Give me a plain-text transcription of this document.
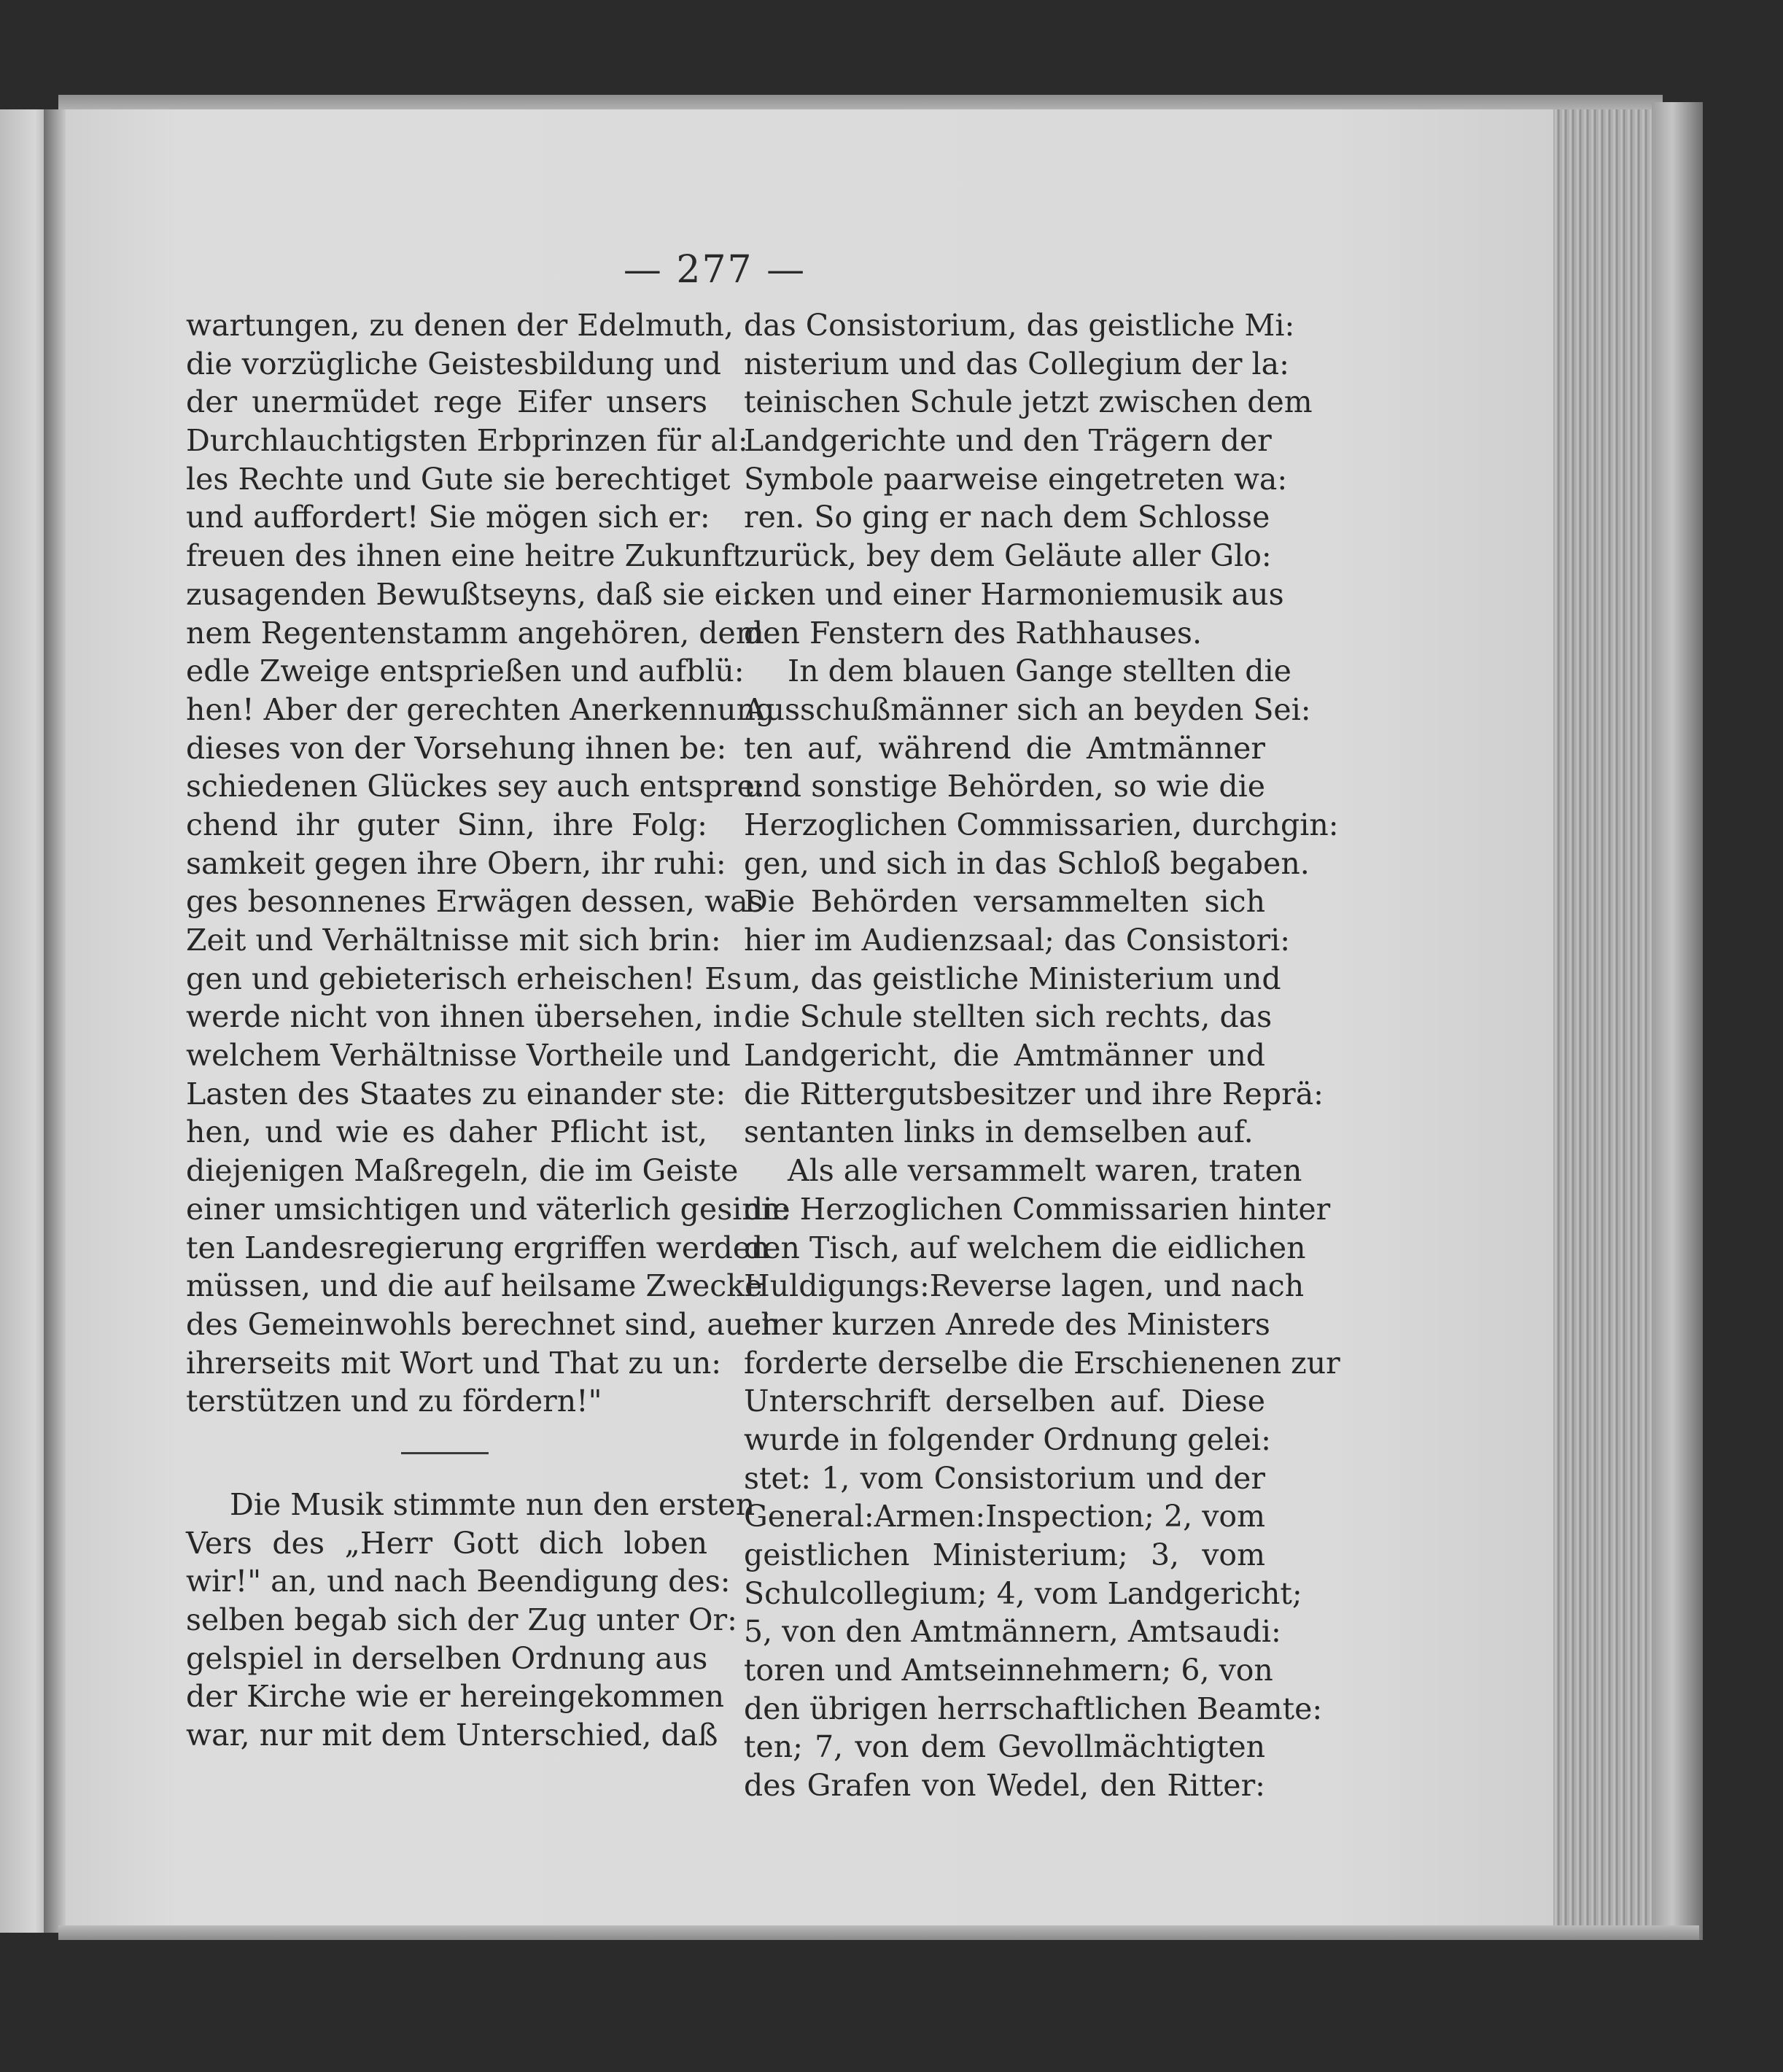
— 277 —
wartungen, zu denen der Edelmuth,
die vorzügliche Geistesbildung und
der unermüdet rege Eifer unsers
Durchlauchtigsten Erbprinzen für al:
les Rechte und Gute sie berechtiget
und auffordert! Sie mögen sich er:
freuen des ihnen eine heitre Zukunft
zusagenden Bewußtseyns, daß sie ei:
nem Regentenstamm angehören, dem
edle Zweige entsprießen und aufblü:
hen! Aber der gerechten Anerkennung
dieses von der Vorsehung ihnen be:
schiedenen Glückes sey auch entspre:
chend ihr guter Sinn, ihre Folg:
samkeit gegen ihre Obern, ihr ruhi:
ges besonnenes Erwägen dessen, was
Zeit und Verhältnisse mit sich brin:
gen und gebieterisch erheischen! Es
werde nicht von ihnen übersehen, in
welchem Verhältnisse Vortheile und
Lasten des Staates zu einander ste:
hen, und wie es daher Pflicht ist,
diejenigen Maßregeln, die im Geiste
einer umsichtigen und väterlich gesinn:
ten Landesregierung ergriffen werden
müssen, und die auf heilsame Zwecke
des Gemeinwohls berechnet sind, auch
ihrerseits mit Wort und That zu un:
terstützen und zu fördern!"
Die Musik stimmte nun den ersten
Vers des „Herr Gott dich loben
wir!" an, und nach Beendigung des:
selben begab sich der Zug unter Or:
gelspiel in derselben Ordnung aus
der Kirche wie er hereingekommen
war, nur mit dem Unterschied, daß
das Consistorium, das geistliche Mi:
nisterium und das Collegium der la:
teinischen Schule jetzt zwischen dem
Landgerichte und den Trägern der
Symbole paarweise eingetreten wa:
ren. So ging er nach dem Schlosse
zurück, bey dem Geläute aller Glo:
cken und einer Harmoniemusik aus
den Fenstern des Rathhauses.
In dem blauen Gange stellten die
Ausschußmänner sich an beyden Sei:
ten auf, während die Amtmänner
und sonstige Behörden, so wie die
Herzoglichen Commissarien, durchgin:
gen, und sich in das Schloß begaben.
Die Behörden versammelten sich
hier im Audienzsaal; das Consistori:
um, das geistliche Ministerium und
die Schule stellten sich rechts, das
Landgericht, die Amtmänner und
die Rittergutsbesitzer und ihre Reprä:
sentanten links in demselben auf.
Als alle versammelt waren, traten
die Herzoglichen Commissarien hinter
den Tisch, auf welchem die eidlichen
Huldigungs:Reverse lagen, und nach
einer kurzen Anrede des Ministers
forderte derselbe die Erschienenen zur
Unterschrift derselben auf. Diese
wurde in folgender Ordnung gelei:
stet: 1, vom Consistorium und der
General:Armen:Inspection; 2, vom
geistlichen Ministerium; 3, vom
Schulcollegium; 4, vom Landgericht;
5, von den Amtmännern, Amtsaudi:
toren und Amtseinnehmern; 6, von
den übrigen herrschaftlichen Beamte:
ten; 7, von dem Gevollmächtigten
des Grafen von Wedel, den Ritter:
